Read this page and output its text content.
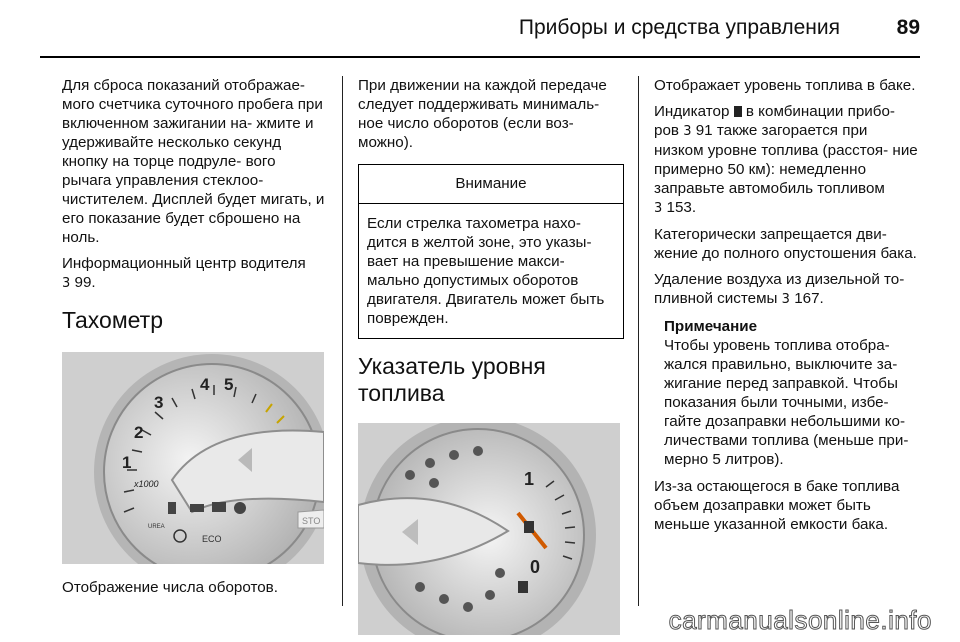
Приборы и средства управления	89

Для сброса показаний отображае- мого счетчика суточного пробега при включенном зажигании на- жмите и удерживайте несколько секунд кнопку на торце подруле- вого рычага управления стеклоо- чистителем. Дисплей будет мигать, и его показание будет сброшено на ноль.

Информационный центр водителя
3 99.

Тахометр
1
2
3
4 5
x1000
UREA
ECO
STO
Отображение числа оборотов.

При движении на каждой передаче следует поддерживать минималь- ное число оборотов (если воз- можно).

Внимание
Если стрелка тахометра нахо- дится в желтой зоне, это указы- вает на превышение макси- мально допустимых оборотов двигателя. Двигатель может быть поврежден.
Указатель уровня топлива
1
0

Отображает уровень топлива в баке.

Индикатор в комбинации прибо- ров 3 91 также загорается при низком уровне топлива (расстоя- ние примерно 50 км): немедленно заправьте автомобиль топливом
3 153.

Категорически запрещается дви- жение до полного опустошения бака.

Удаление воздуха из дизельной то- пливной системы 3 167.

Примечание
Чтобы уровень топлива отобра- жался правильно, выключите за- жигание перед заправкой. Чтобы показания были точными, избе- гайте дозаправки небольшими ко- личествами топлива (меньше при- мерно 5 литров).

Из-за остающегося в баке топлива объем дозаправки может быть меньше указанной емкости бака.

carmanualsonline.info
